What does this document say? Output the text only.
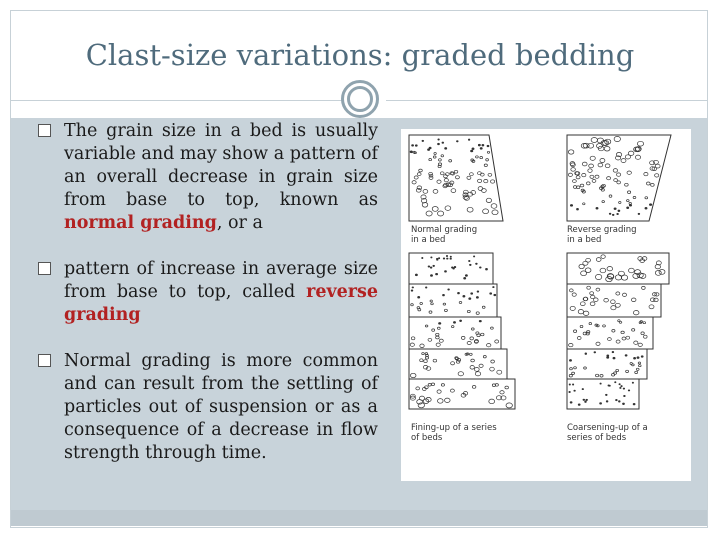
Clast-size variations: graded bedding
The grain size in a bed is usually variable and may show a pattern of an overall decrease in grain size from base to top, known as normal grading, or a
pattern of increase in average size from base to top, called reverse grading
Normal grading is more common and can result from the settling of particles out of suspension or as a consequence of a decrease in flow strength through time.
Normal grading
in a bed
Reverse grading
in a bed
Fining-up of a series
of beds
Coarsening-up of a
series of beds
